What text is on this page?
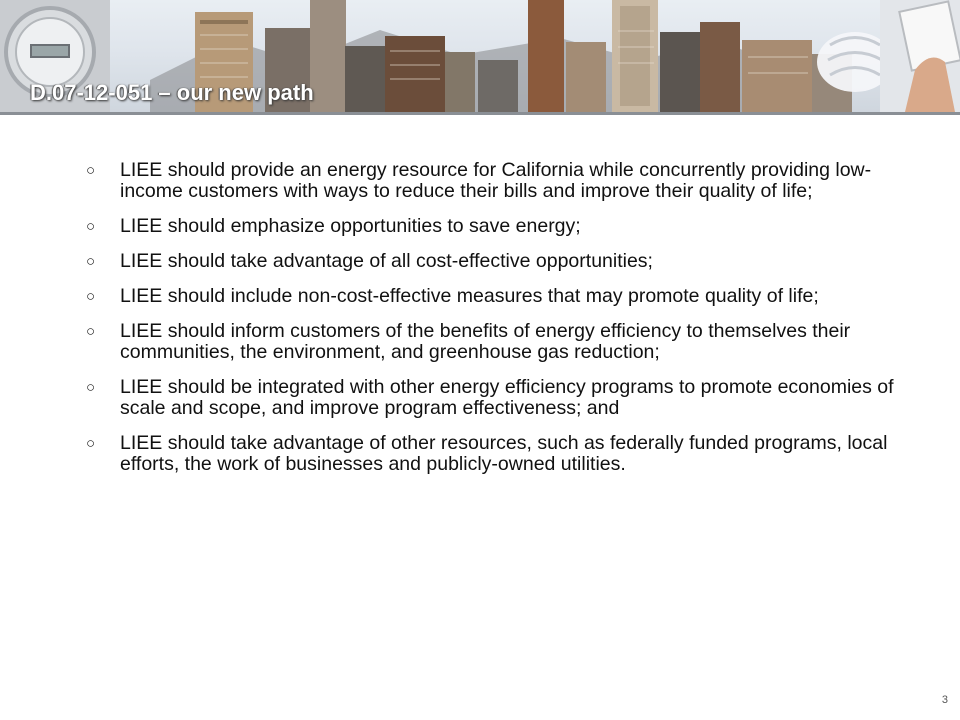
D.07-12-051 – our new path
○ LIEE should provide an energy resource for California while concurrently providing low-income customers with ways to reduce their bills and improve their quality of life;
○ LIEE should emphasize opportunities to save energy;
○ LIEE should take advantage of all cost-effective opportunities;
○ LIEE should include non-cost-effective measures that may promote quality of life;
○ LIEE should inform customers of the benefits of energy efficiency to themselves their communities, the environment, and greenhouse gas reduction;
○ LIEE should be integrated with other energy efficiency programs to promote economies of scale and scope, and improve program effectiveness; and
○ LIEE should take advantage of other resources, such as federally funded programs, local efforts, the work of businesses and publicly-owned utilities.
3
